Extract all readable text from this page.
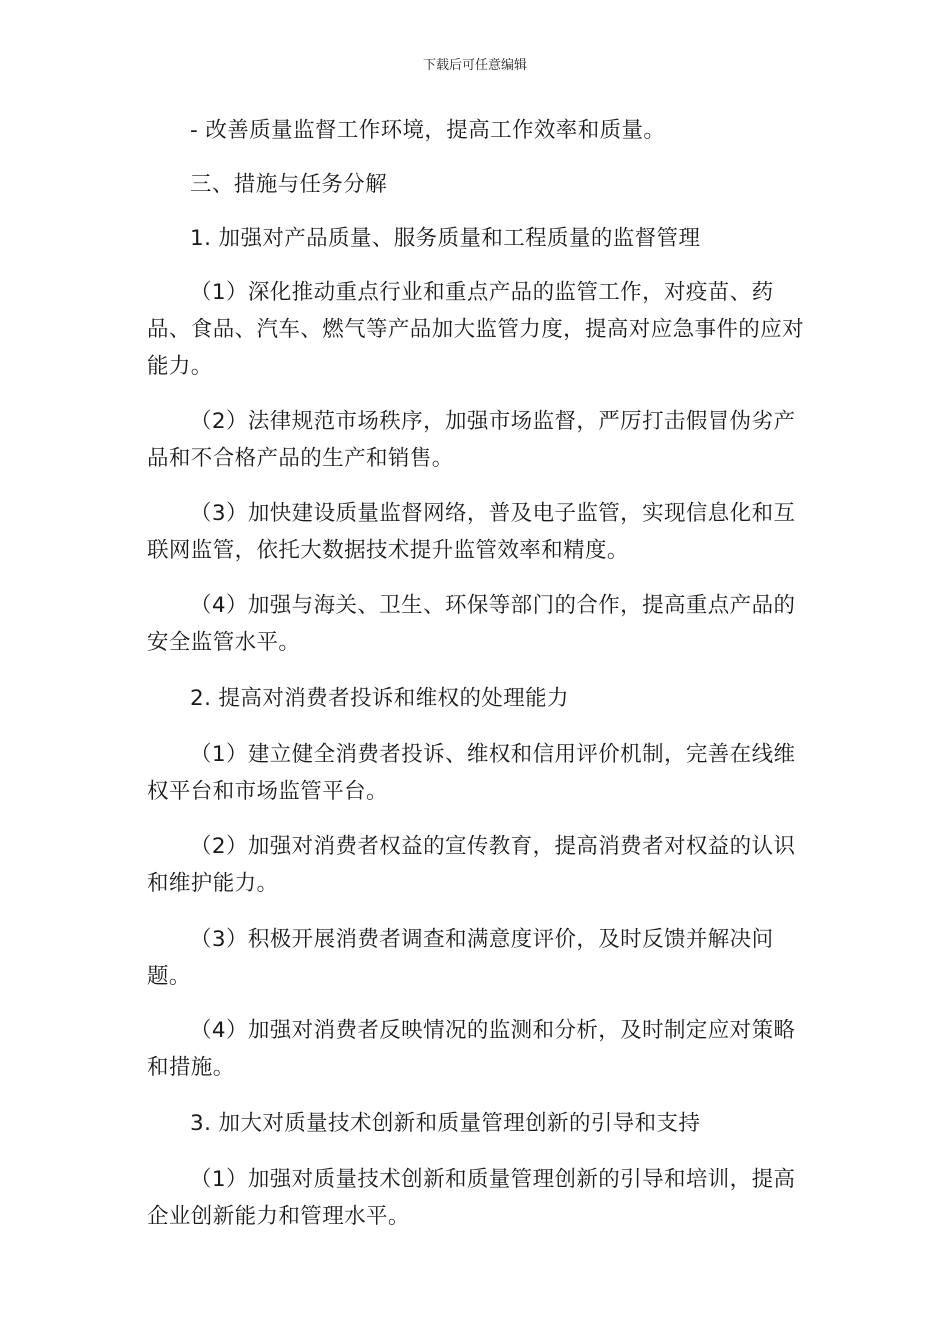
下载后可任意编辑

- 改善质量监督工作环境，提高工作效率和质量。

三、措施与任务分解

1. 加强对产品质量、服务质量和工程质量的监督管理

（1）深化推动重点行业和重点产品的监管工作，对疫苗、药品、食品、汽车、燃气等产品加大监管力度，提高对应急事件的应对能力。

（2）法律规范市场秩序，加强市场监督，严厉打击假冒伪劣产品和不合格产品的生产和销售。

（3）加快建设质量监督网络，普及电子监管，实现信息化和互联网监管，依托大数据技术提升监管效率和精度。

（4）加强与海关、卫生、环保等部门的合作，提高重点产品的安全监管水平。

2. 提高对消费者投诉和维权的处理能力

（1）建立健全消费者投诉、维权和信用评价机制，完善在线维权平台和市场监管平台。

（2）加强对消费者权益的宣传教育，提高消费者对权益的认识和维护能力。

（3）积极开展消费者调查和满意度评价，及时反馈并解决问题。

（4）加强对消费者反映情况的监测和分析，及时制定应对策略和措施。

3. 加大对质量技术创新和质量管理创新的引导和支持

（1）加强对质量技术创新和质量管理创新的引导和培训，提高企业创新能力和管理水平。
